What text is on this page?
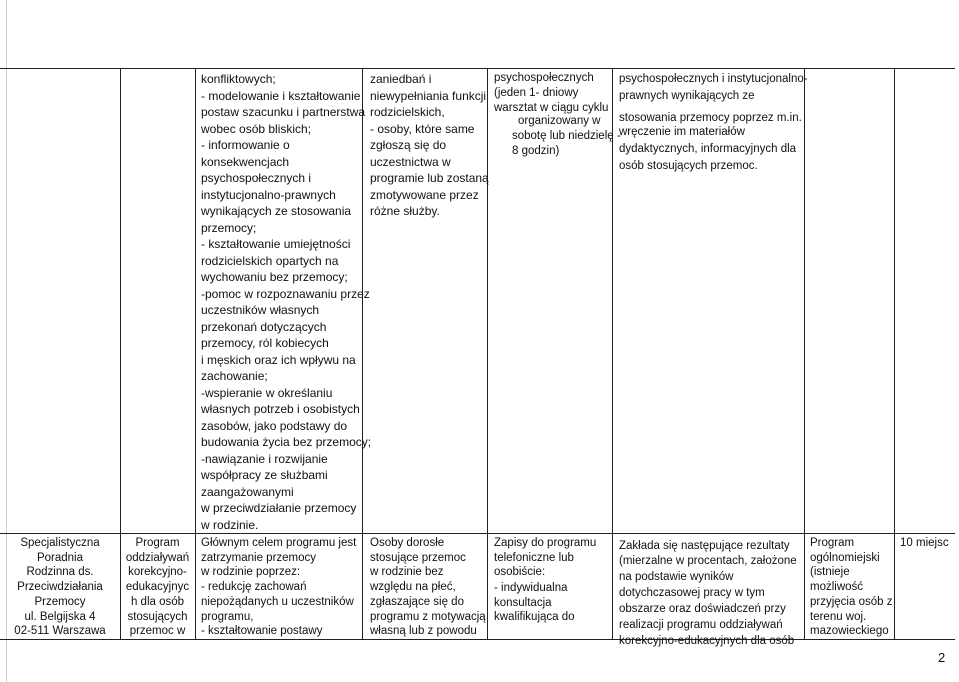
konfliktowych;
- modelowanie i kształtowanie
postaw szacunku i partnerstwa
wobec osób bliskich;
- informowanie o
konsekwencjach
psychospołecznych i
instytucjonalno-prawnych
wynikających ze stosowania
przemocy;
- kształtowanie umiejętności
rodzicielskich opartych na
wychowaniu bez przemocy;
-pomoc w rozpoznawaniu przez
uczestników własnych
przekonań dotyczących
przemocy, ról kobiecych
i męskich oraz ich wpływu na
zachowanie;
-wspieranie w określaniu
własnych potrzeb i osobistych
zasobów, jako podstawy do
budowania życia bez przemocy;
-nawiązanie i rozwijanie
współpracy ze służbami
zaangażowanymi
w przeciwdziałanie przemocy
w rodzinie.
zaniedbań i
niewypełniania funkcji
rodzicielskich,
- osoby, które same
zgłoszą się do
uczestnictwa w
programie lub zostaną
zmotywowane przez
różne służby.
psychospołecznych
(jeden 1- dniowy
warsztat w ciągu cyklu
organizowany w
sobotę lub niedzielę -
8 godzin)
psychospołecznych i instytucjonalno-
prawnych wynikających ze
stosowania przemocy poprzez m.in.
wręczenie im materiałów
dydaktycznych, informacyjnych dla
osób stosujących przemoc.
Specjalistyczna
Poradnia
Rodzinna ds.
Przeciwdziałania
Przemocy
ul. Belgijska 4
02-511 Warszawa
Program
oddziaływań
korekcyjno-
edukacyjnyc
h dla osób
stosujących
przemoc w
Głównym celem programu jest
zatrzymanie przemocy
w rodzinie poprzez:
- redukcję zachowań
niepożądanych u uczestników
programu,
- kształtowanie postawy
Osoby dorosłe
stosujące przemoc
w rodzinie bez
względu na płeć,
zgłaszające się do
programu z motywacją
własną lub z powodu
Zapisy do programu
telefoniczne lub
osobiście:
- indywidualna
konsultacja
kwalifikująca do
Zakłada się następujące rezultaty
(mierzalne w procentach, założone
na podstawie wyników
dotychczasowej pracy w tym
obszarze oraz doświadczeń przy
realizacji programu oddziaływań
korekcyjno-edukacyjnych dla osób
Program
ogólnomiejski
(istnieje
możliwość
przyjęcia osób z
terenu woj.
mazowieckiego
10 miejsc
2
